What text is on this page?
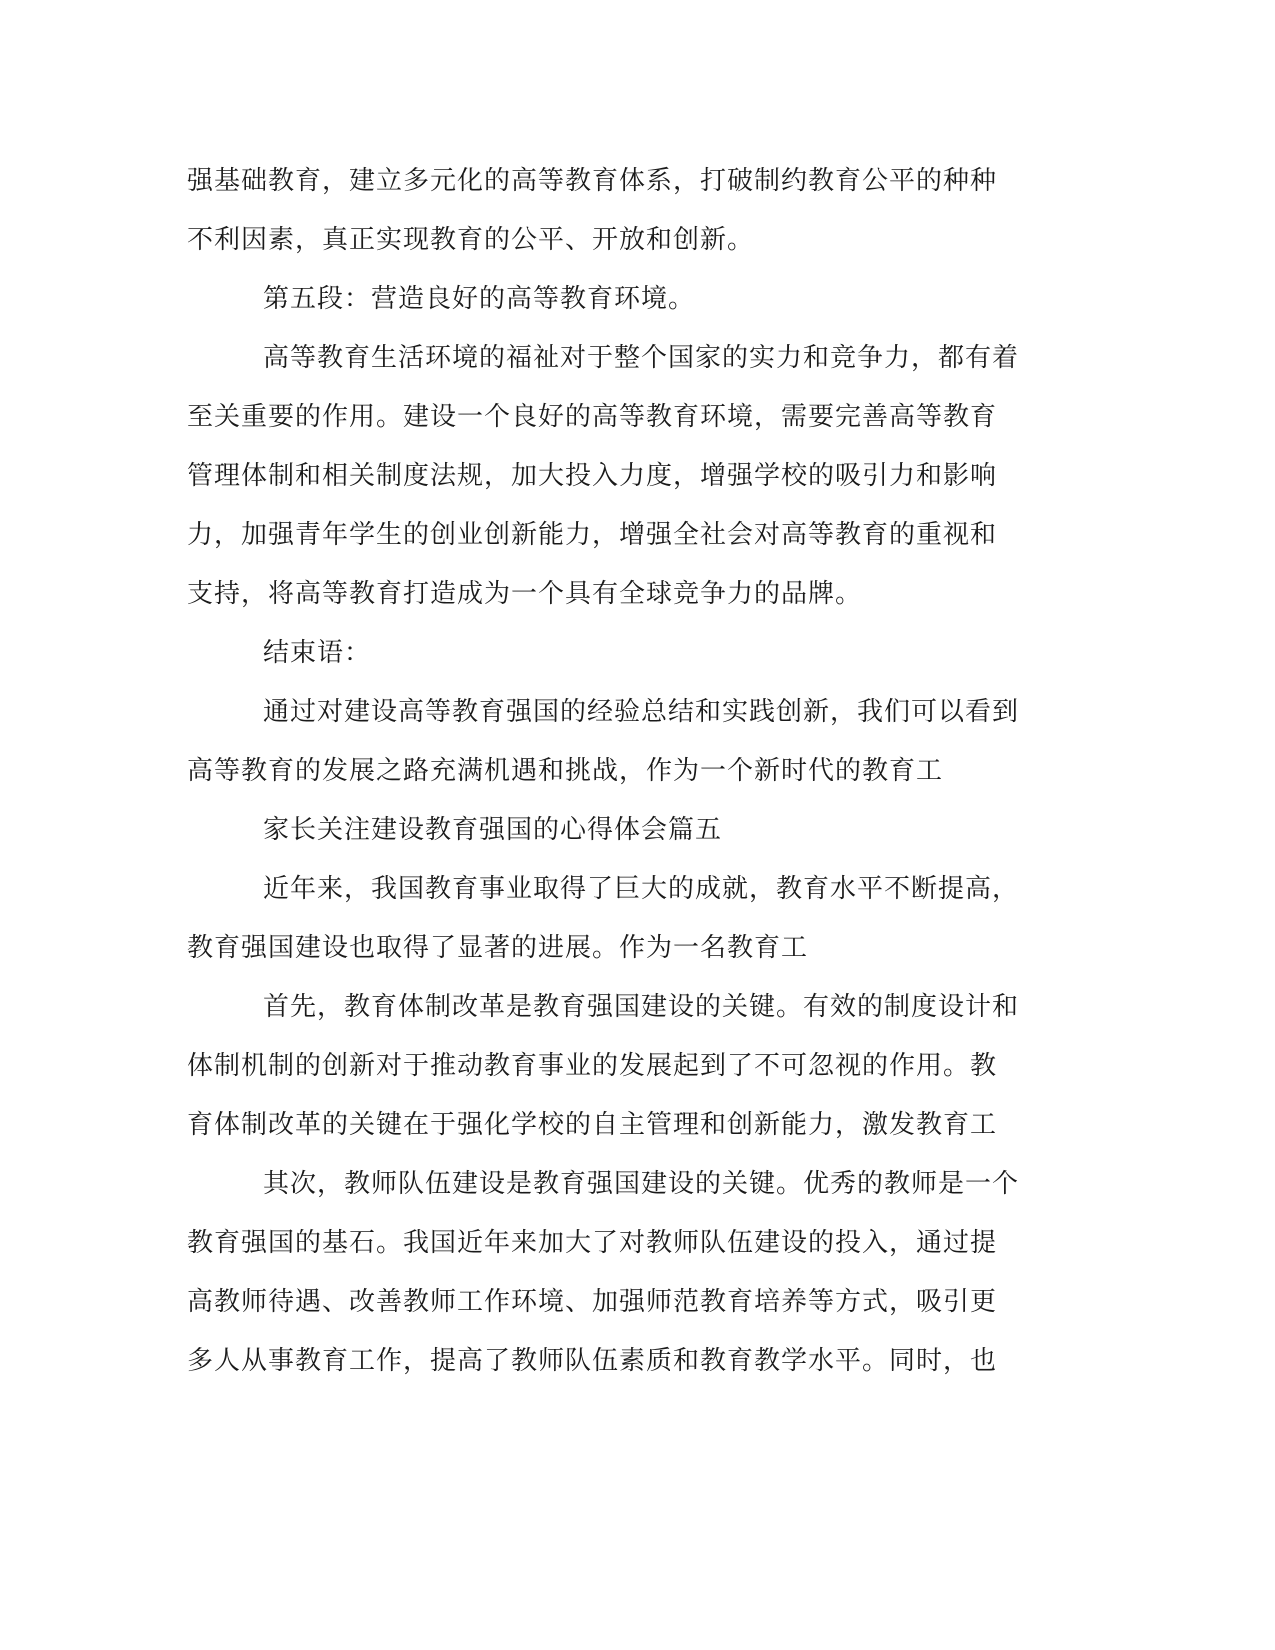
强基础教育，建立多元化的高等教育体系，打破制约教育公平的种种
不利因素，真正实现教育的公平、开放和创新。
第五段：营造良好的高等教育环境。
高等教育生活环境的福祉对于整个国家的实力和竞争力，都有着
至关重要的作用。建设一个良好的高等教育环境，需要完善高等教育
管理体制和相关制度法规，加大投入力度，增强学校的吸引力和影响
力，加强青年学生的创业创新能力，增强全社会对高等教育的重视和
支持，将高等教育打造成为一个具有全球竞争力的品牌。
结束语：
通过对建设高等教育强国的经验总结和实践创新，我们可以看到
高等教育的发展之路充满机遇和挑战，作为一个新时代的教育工
家长关注建设教育强国的心得体会篇五
近年来，我国教育事业取得了巨大的成就，教育水平不断提高，
教育强国建设也取得了显著的进展。作为一名教育工
首先，教育体制改革是教育强国建设的关键。有效的制度设计和
体制机制的创新对于推动教育事业的发展起到了不可忽视的作用。教
育体制改革的关键在于强化学校的自主管理和创新能力，激发教育工
其次，教师队伍建设是教育强国建设的关键。优秀的教师是一个
教育强国的基石。我国近年来加大了对教师队伍建设的投入，通过提
高教师待遇、改善教师工作环境、加强师范教育培养等方式，吸引更
多人从事教育工作，提高了教师队伍素质和教育教学水平。同时，也
